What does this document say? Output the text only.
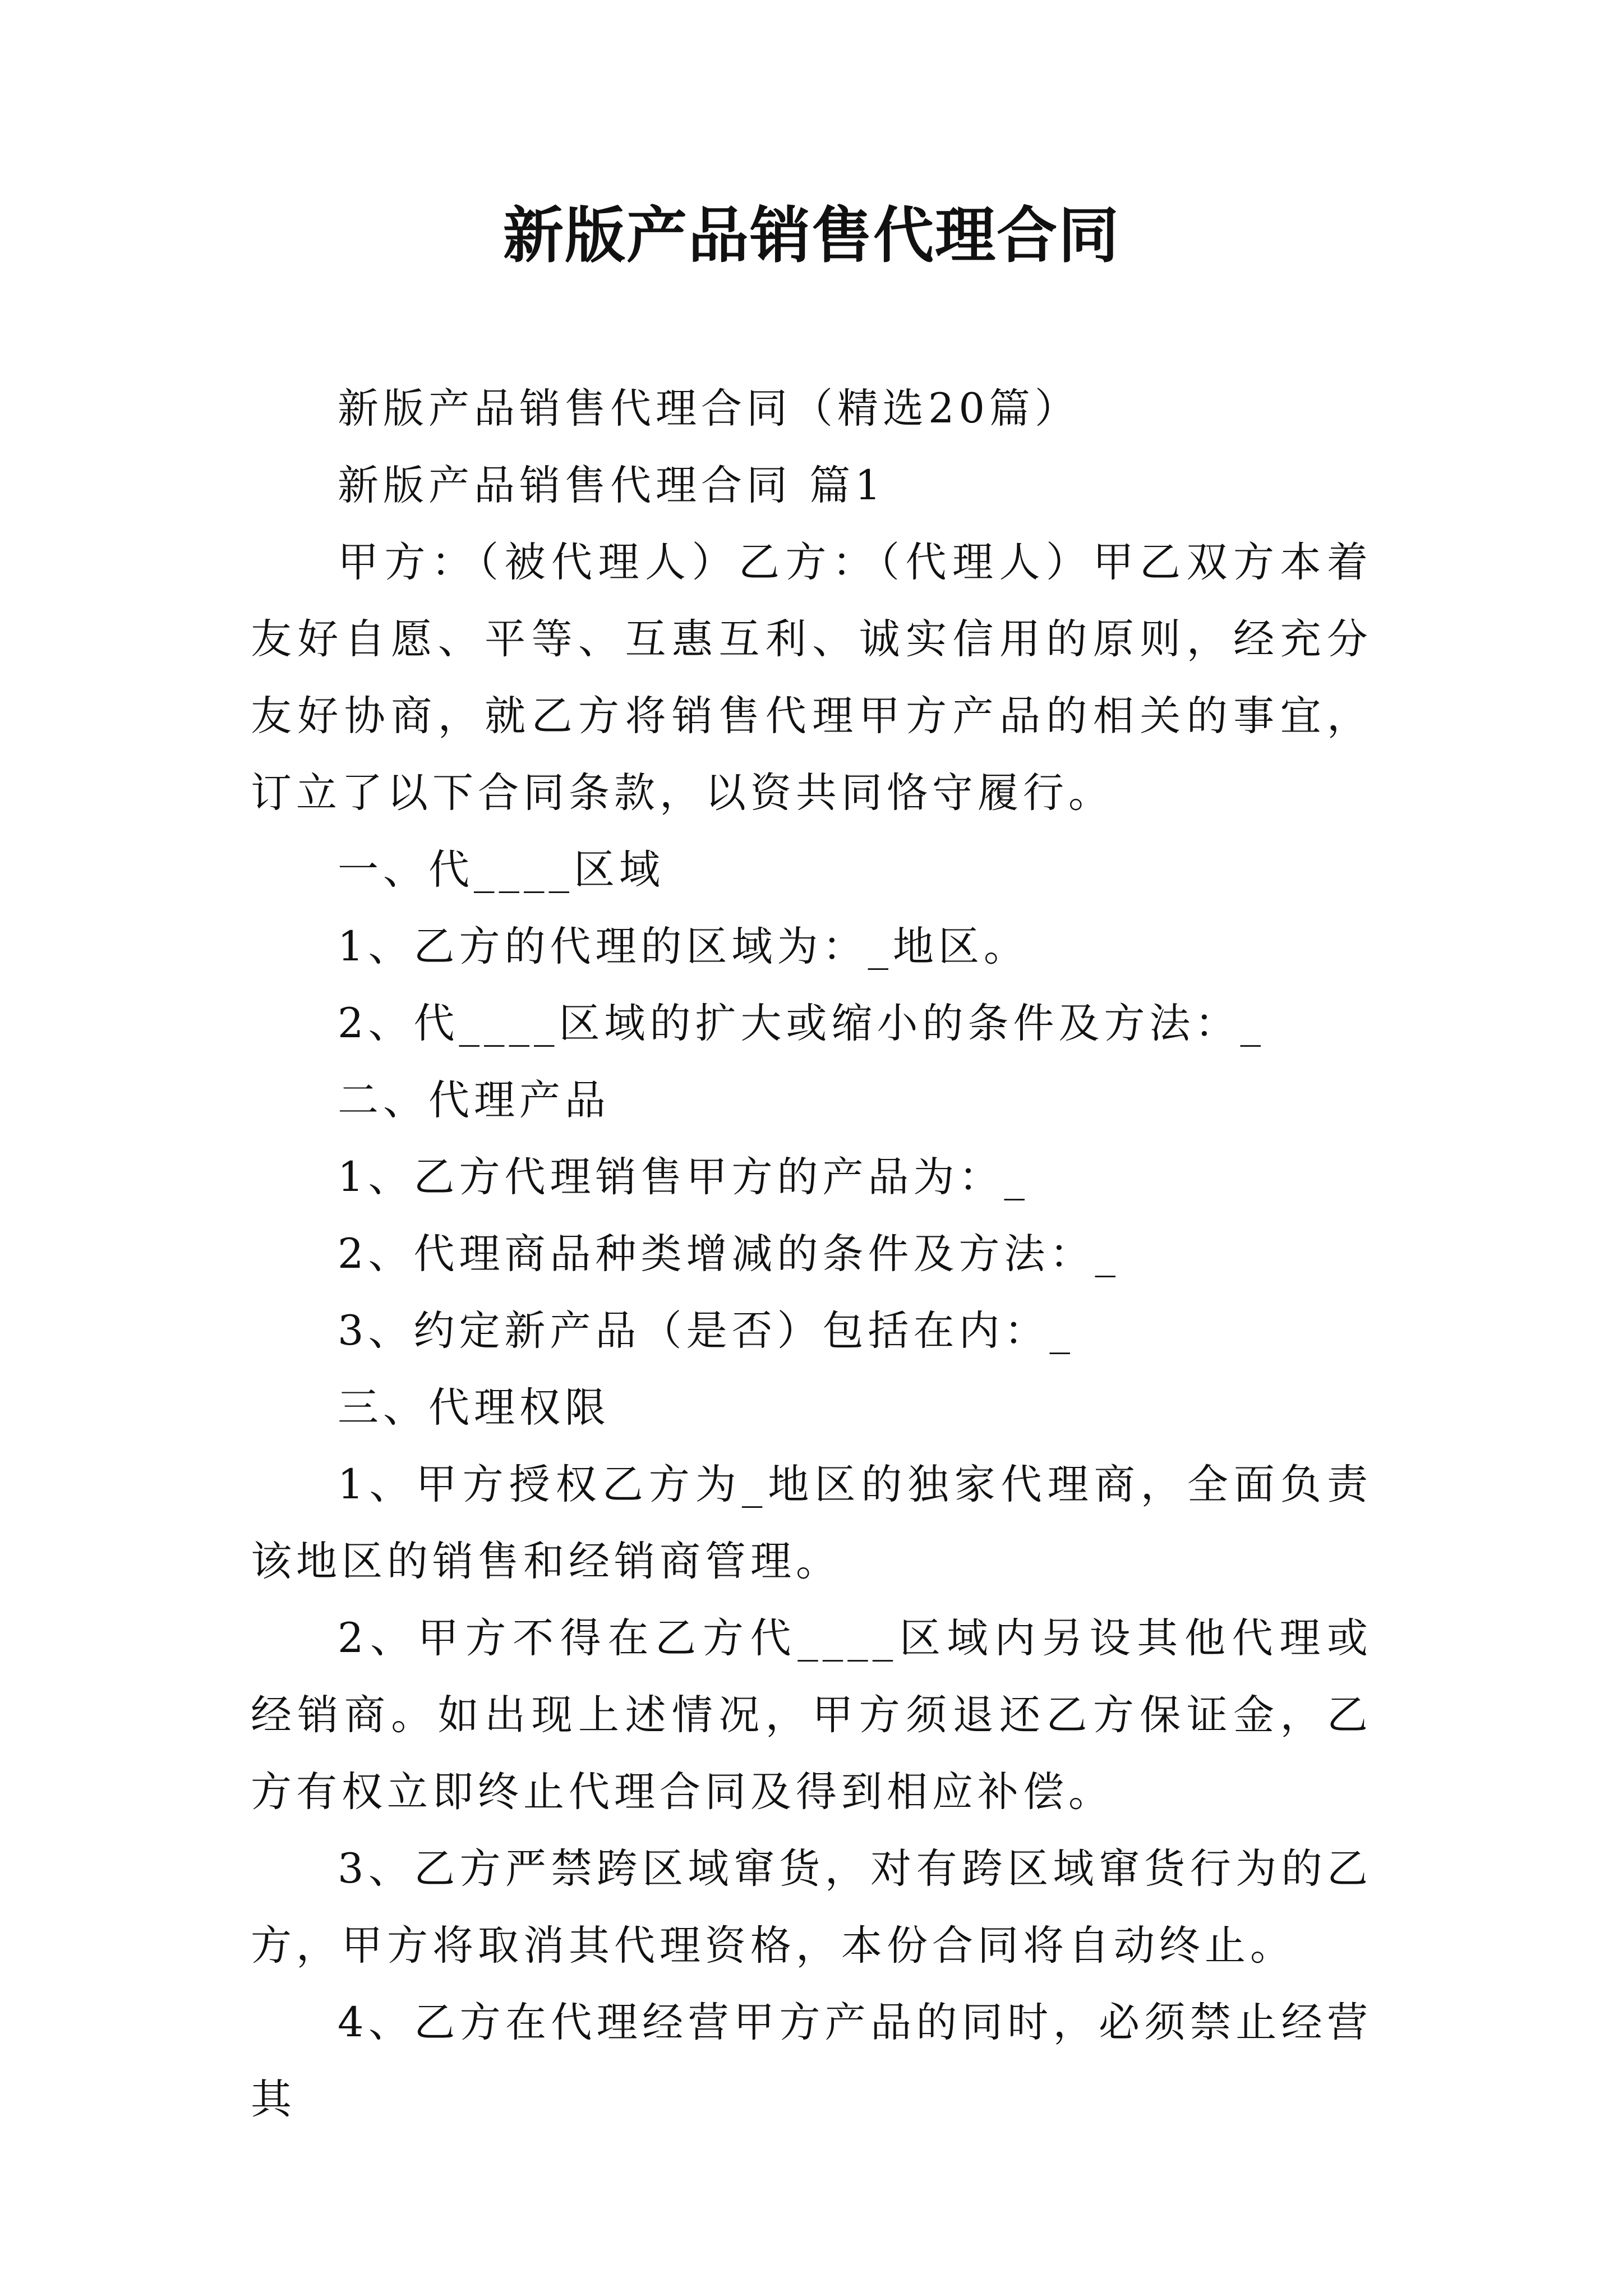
新版产品销售代理合同

新版产品销售代理合同（精选20篇）

新版产品销售代理合同 篇1

甲方：（被代理人）乙方：（代理人）甲乙双方本着友好自愿、平等、互惠互利、诚实信用的原则，经充分友好协商，就乙方将销售代理甲方产品的相关的事宜，订立了以下合同条款，以资共同恪守履行。

一、代____区域

1、乙方的代理的区域为：_地区。

2、代____区域的扩大或缩小的条件及方法：_

二、代理产品

1、乙方代理销售甲方的产品为：_

2、代理商品种类增减的条件及方法：_

3、约定新产品（是否）包括在内：_

三、代理权限

1、甲方授权乙方为_地区的独家代理商，全面负责该地区的销售和经销商管理。

2、甲方不得在乙方代____区域内另设其他代理或经销商。如出现上述情况，甲方须退还乙方保证金，乙方有权立即终止代理合同及得到相应补偿。

3、乙方严禁跨区域窜货，对有跨区域窜货行为的乙方，甲方将取消其代理资格，本份合同将自动终止。

4、乙方在代理经营甲方产品的同时，必须禁止经营其
